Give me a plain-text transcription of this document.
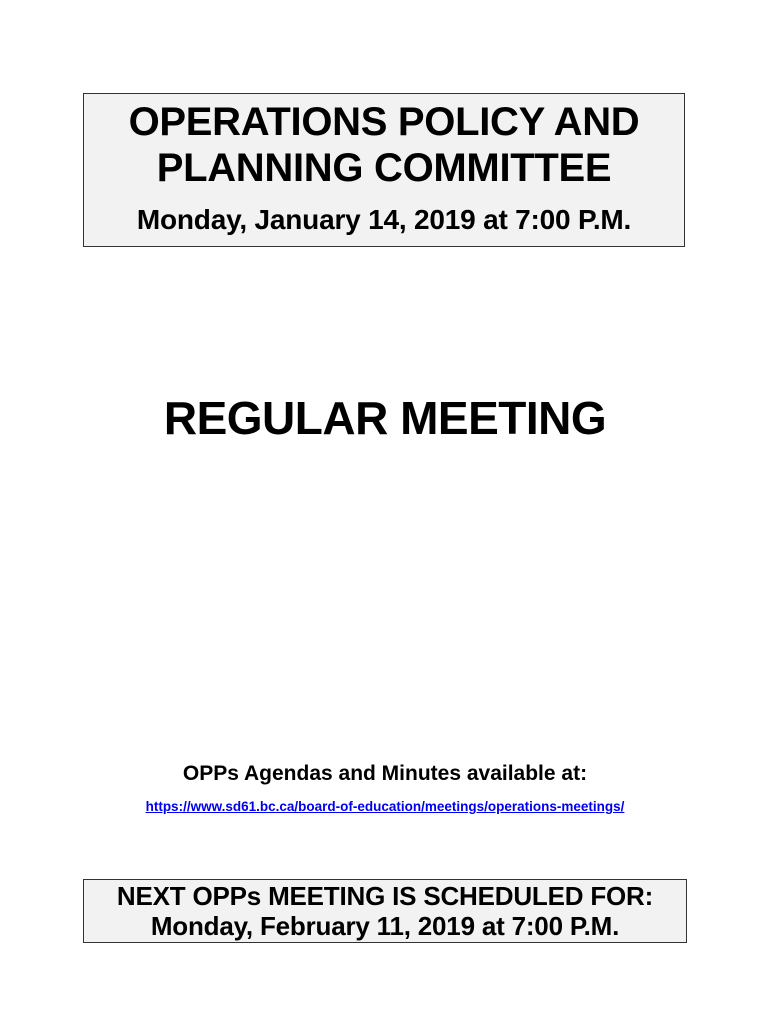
OPERATIONS POLICY AND
PLANNING COMMITTEE
Monday, January 14, 2019 at 7:00 P.M.
REGULAR MEETING
OPPs Agendas and Minutes available at:
https://www.sd61.bc.ca/board-of-education/meetings/operations-meetings/
NEXT OPPs MEETING IS SCHEDULED FOR:
Monday, February 11, 2019 at 7:00 P.M.
